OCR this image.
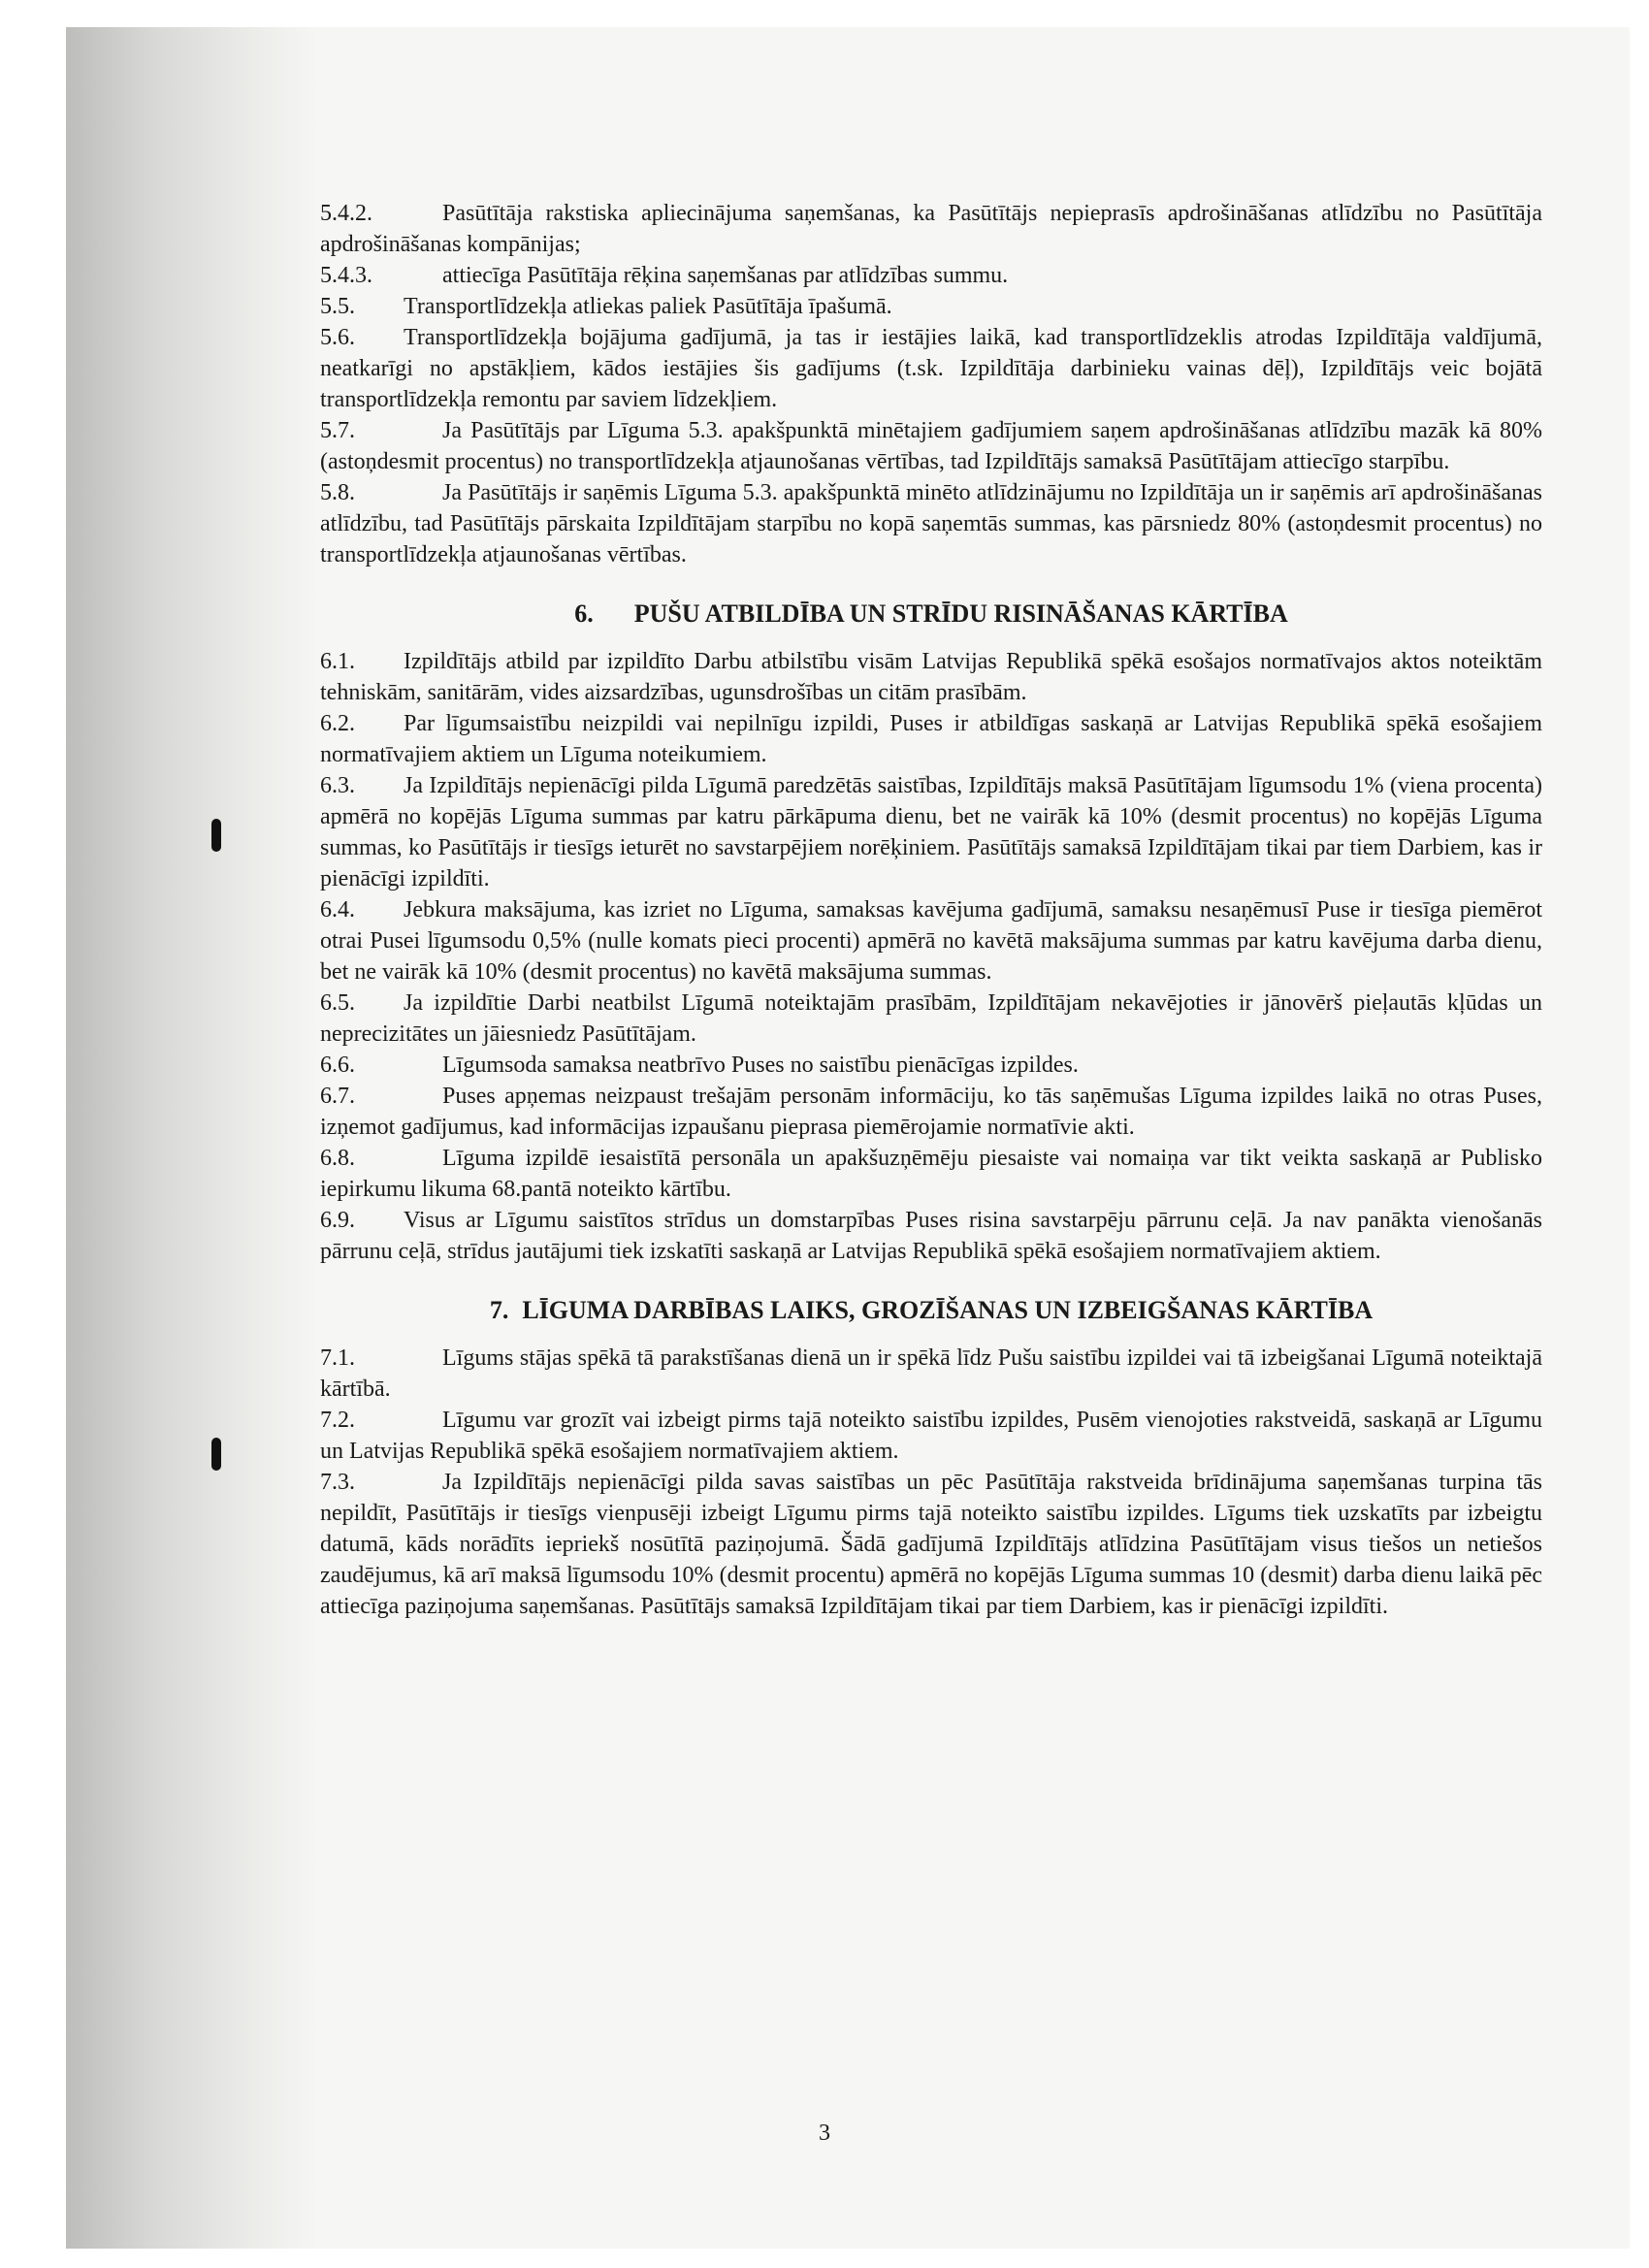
5.4.2.	Pasūtītāja rakstiska apliecinājuma saņemšanas, ka Pasūtītājs nepieprasīs apdrošināšanas atlīdzību no Pasūtītāja apdrošināšanas kompānijas;

5.4.3.	attiecīga Pasūtītāja rēķina saņemšanas par atlīdzības summu.

5.5. Transportlīdzekļa atliekas paliek Pasūtītāja īpašumā.

5.6. Transportlīdzekļa bojājuma gadījumā, ja tas ir iestājies laikā, kad transportlīdzeklis atrodas Izpildītāja valdījumā, neatkarīgi no apstākļiem, kādos iestājies šis gadījums (t.sk. Izpildītāja darbinieku vainas dēļ), Izpildītājs veic bojātā transportlīdzekļa remontu par saviem līdzekļiem.

5.7.	Ja Pasūtītājs par Līguma 5.3. apakšpunktā minētajiem gadījumiem saņem apdrošināšanas atlīdzību mazāk kā 80% (astoņdesmit procentus) no transportlīdzekļa atjaunošanas vērtības, tad Izpildītājs samaksā Pasūtītājam attiecīgo starpību.

5.8.	Ja Pasūtītājs ir saņēmis Līguma 5.3. apakšpunktā minēto atlīdzinājumu no Izpildītāja un ir saņēmis arī apdrošināšanas atlīdzību, tad Pasūtītājs pārskaita Izpildītājam starpību no kopā saņemtās summas, kas pārsniedz 80% (astoņdesmit procentus) no transportlīdzekļa atjaunošanas vērtības.

6. PUŠU ATBILDĪBA UN STRĪDU RISINĀŠANAS KĀRTĪBA

6.1. Izpildītājs atbild par izpildīto Darbu atbilstību visām Latvijas Republikā spēkā esošajos normatīvajos aktos noteiktām tehniskām, sanitārām, vides aizsardzības, ugunsdrošības un citām prasībām.

6.2. Par līgumsaistību neizpildi vai nepilnīgu izpildi, Puses ir atbildīgas saskaņā ar Latvijas Republikā spēkā esošajiem normatīvajiem aktiem un Līguma noteikumiem.

6.3. Ja Izpildītājs nepienācīgi pilda Līgumā paredzētās saistības, Izpildītājs maksā Pasūtītājam līgumsodu 1% (viena procenta) apmērā no kopējās Līguma summas par katru pārkāpuma dienu, bet ne vairāk kā 10% (desmit procentus) no kopējās Līguma summas, ko Pasūtītājs ir tiesīgs ieturēt no savstarpējiem norēķiniem. Pasūtītājs samaksā Izpildītājam tikai par tiem Darbiem, kas ir pienācīgi izpildīti.

6.4. Jebkura maksājuma, kas izriet no Līguma, samaksas kavējuma gadījumā, samaksu nesaņēmusī Puse ir tiesīga piemērot otrai Pusei līgumsodu 0,5% (nulle komats pieci procenti) apmērā no kavētā maksājuma summas par katru kavējuma darba dienu, bet ne vairāk kā 10% (desmit procentus) no kavētā maksājuma summas.

6.5. Ja izpildītie Darbi neatbilst Līgumā noteiktajām prasībām, Izpildītājam nekavējoties ir jānovērš pieļautās kļūdas un neprecizitātes un jāiesniedz Pasūtītājam.

6.6.	Līgumsoda samaksa neatbrīvo Puses no saistību pienācīgas izpildes.

6.7.	Puses apņemas neizpaust trešajām personām informāciju, ko tās saņēmušas Līguma izpildes laikā no otras Puses, izņemot gadījumus, kad informācijas izpaušanu pieprasa piemērojamie normatīvie akti.

6.8.	Līguma izpildē iesaistītā personāla un apakšuzņēmēju piesaiste vai nomaiņa var tikt veikta saskaņā ar Publisko iepirkumu likuma 68.pantā noteikto kārtību.

6.9. Visus ar Līgumu saistītos strīdus un domstarpības Puses risina savstarpēju pārrunu ceļā. Ja nav panākta vienošanās pārrunu ceļā, strīdus jautājumi tiek izskatīti saskaņā ar Latvijas Republikā spēkā esošajiem normatīvajiem aktiem.

7. LĪGUMA DARBĪBAS LAIKS, GROZĪŠANAS UN IZBEIGŠANAS KĀRTĪBA

7.1.	Līgums stājas spēkā tā parakstīšanas dienā un ir spēkā līdz Pušu saistību izpildei vai tā izbeigšanai Līgumā noteiktajā kārtībā.

7.2.	Līgumu var grozīt vai izbeigt pirms tajā noteikto saistību izpildes, Pusēm vienojoties rakstveidā, saskaņā ar Līgumu un Latvijas Republikā spēkā esošajiem normatīvajiem aktiem.

7.3.	Ja Izpildītājs nepienācīgi pilda savas saistības un pēc Pasūtītāja rakstveida brīdinājuma saņemšanas turpina tās nepildīt, Pasūtītājs ir tiesīgs vienpusēji izbeigt Līgumu pirms tajā noteikto saistību izpildes. Līgums tiek uzskatīts par izbeigtu datumā, kāds norādīts iepriekš nosūtītā paziņojumā. Šādā gadījumā Izpildītājs atlīdzina Pasūtītājam visus tiešos un netiešos zaudējumus, kā arī maksā līgumsodu 10% (desmit procentu) apmērā no kopējās Līguma summas 10 (desmit) darba dienu laikā pēc attiecīga paziņojuma saņemšanas. Pasūtītājs samaksā Izpildītājam tikai par tiem Darbiem, kas ir pienācīgi izpildīti.

3
